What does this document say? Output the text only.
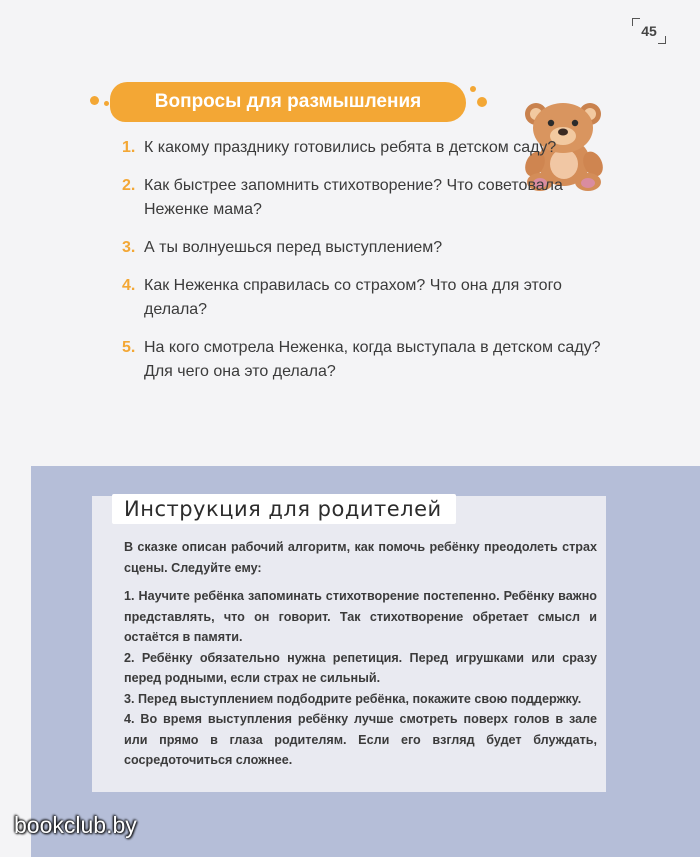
45
Вопросы для размышления
1. К какому празднику готовились ребята в детском саду?
2. Как быстрее запомнить стихотворение? Что советовала Неженке мама?
3. А ты волнуешься перед выступлением?
4. Как Неженка справилась со страхом? Что она для этого делала?
5. На кого смотрела Неженка, когда выступала в детском саду? Для чего она это делала?
Инструкция для родителей

В сказке описан рабочий алгоритм, как помочь ребёнку преодолеть страх сцены. Следуйте ему:

1. Научите ребёнка запоминать стихотворение постепенно. Ребёнку важно представлять, что он говорит. Так стихотворение обретает смысл и остаётся в памяти.

2. Ребёнку обязательно нужна репетиция. Перед игрушками или сразу перед родными, если страх не сильный.

3. Перед выступлением подбодрите ребёнка, покажите свою поддержку.

4. Во время выступления ребёнку лучше смотреть поверх голов в зале или прямо в глаза родителям. Если его взгляд будет блуждать, сосредоточиться сложнее.

bookclub.by
